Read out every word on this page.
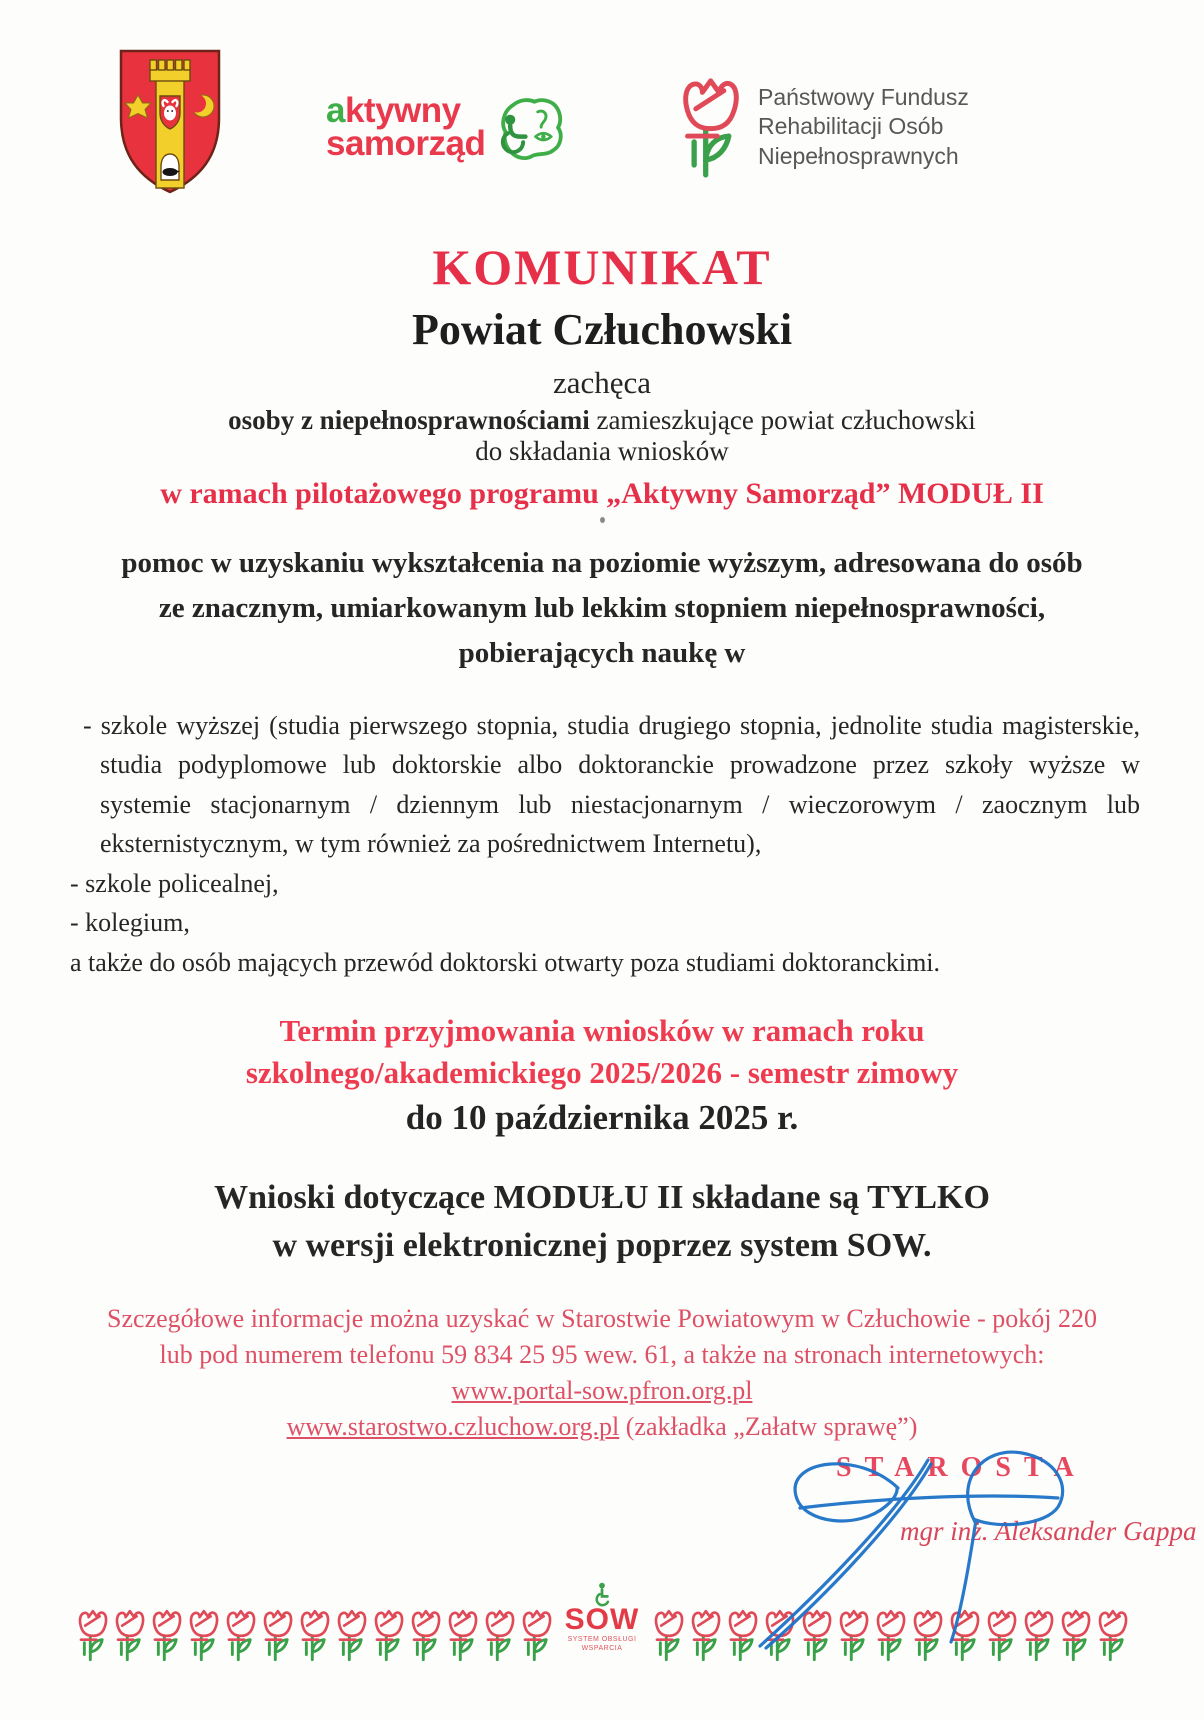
aktywny
samorząd
Państwowy Fundusz
Rehabilitacji Osób
Niepełnosprawnych
KOMUNIKAT
Powiat Człuchowski
zachęca
osoby z niepełnosprawnościami zamieszkujące powiat człuchowski
do składania wniosków
w ramach pilotażowego programu „Aktywny Samorząd” MODUŁ II
pomoc w uzyskaniu wykształcenia na poziomie wyższym, adresowana do osób
ze znacznym, umiarkowanym lub lekkim stopniem niepełnosprawności,
pobierających naukę w
- szkole wyższej (studia pierwszego stopnia, studia drugiego stopnia, jednolite studia magisterskie, studia podyplomowe lub doktorskie albo doktoranckie prowadzone przez szkoły wyższe w systemie stacjonarnym / dziennym lub niestacjonarnym / wieczorowym / zaocznym lub eksternistycznym, w tym również za pośrednictwem Internetu),
- szkole policealnej,
- kolegium,
a także do osób mających przewód doktorski otwarty poza studiami doktoranckimi.
Termin przyjmowania wniosków w ramach roku
szkolnego/akademickiego 2025/2026 - semestr zimowy
do 10 października 2025 r.
Wnioski dotyczące MODUŁU II składane są TYLKO
w wersji elektronicznej poprzez system SOW.
Szczegółowe informacje można uzyskać w Starostwie Powiatowym w Człuchowie - pokój 220
lub pod numerem telefonu 59 834 25 95 wew. 61, a także na stronach internetowych:
www.portal-sow.pfron.org.pl
www.starostwo.czluchow.org.pl (zakładka „Załatw sprawę”)
STAROSTA
mgr inż. Aleksander Gappa
SOW
SYSTEM OBSŁUGI
WSPARCIA
